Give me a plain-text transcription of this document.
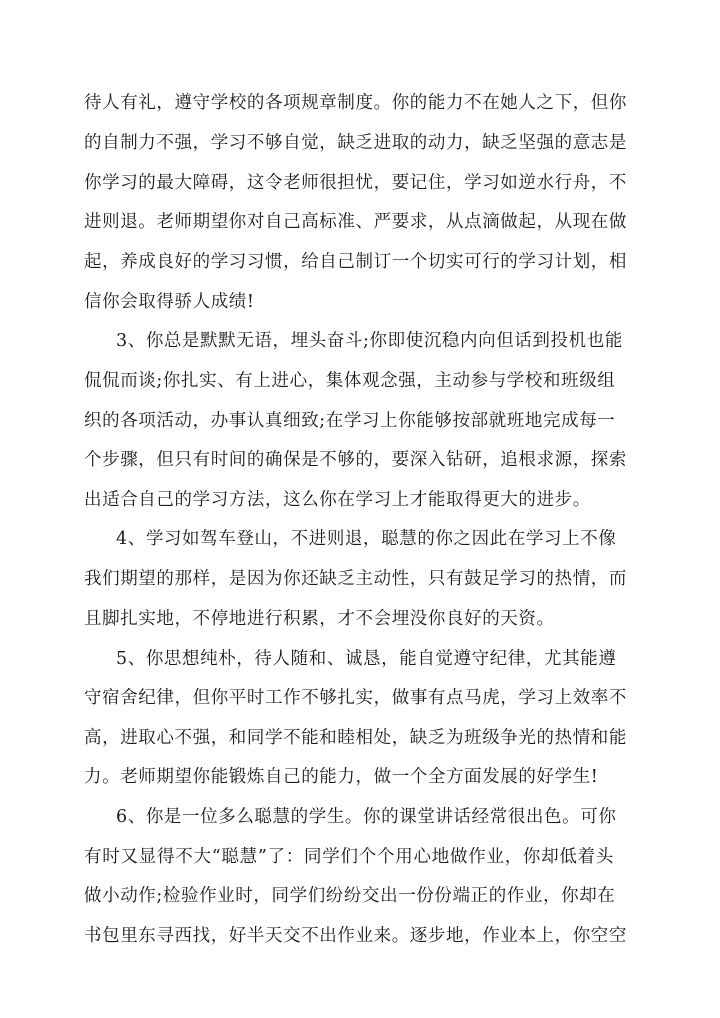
待人有礼，遵守学校的各项规章制度。你的能力不在她人之下，但你
的自制力不强，学习不够自觉，缺乏进取的动力，缺乏坚强的意志是
你学习的最大障碍，这令老师很担忧，要记住，学习如逆水行舟，不
进则退。老师期望你对自己高标准、严要求，从点滴做起，从现在做
起，养成良好的学习习惯，给自己制订一个切实可行的学习计划，相
信你会取得骄人成绩!
3、你总是默默无语，埋头奋斗;你即使沉稳内向但话到投机也能
侃侃而谈;你扎实、有上进心，集体观念强，主动参与学校和班级组
织的各项活动，办事认真细致;在学习上你能够按部就班地完成每一
个步骤，但只有时间的确保是不够的，要深入钻研，追根求源，探索
出适合自己的学习方法，这么你在学习上才能取得更大的进步。
4、学习如驾车登山，不进则退，聪慧的你之因此在学习上不像
我们期望的那样，是因为你还缺乏主动性，只有鼓足学习的热情，而
且脚扎实地，不停地进行积累，才不会埋没你良好的天资。
5、你思想纯朴，待人随和、诚恳，能自觉遵守纪律，尤其能遵
守宿舍纪律，但你平时工作不够扎实，做事有点马虎，学习上效率不
高，进取心不强，和同学不能和睦相处，缺乏为班级争光的热情和能
力。老师期望你能锻炼自己的能力，做一个全方面发展的好学生!
6、你是一位多么聪慧的学生。你的课堂讲话经常很出色。可你
有时又显得不大“聪慧”了：同学们个个用心地做作业，你却低着头
做小动作;检验作业时，同学们纷纷交出一份份端正的作业，你却在
书包里东寻西找，好半天交不出作业来。逐步地，作业本上，你空空
